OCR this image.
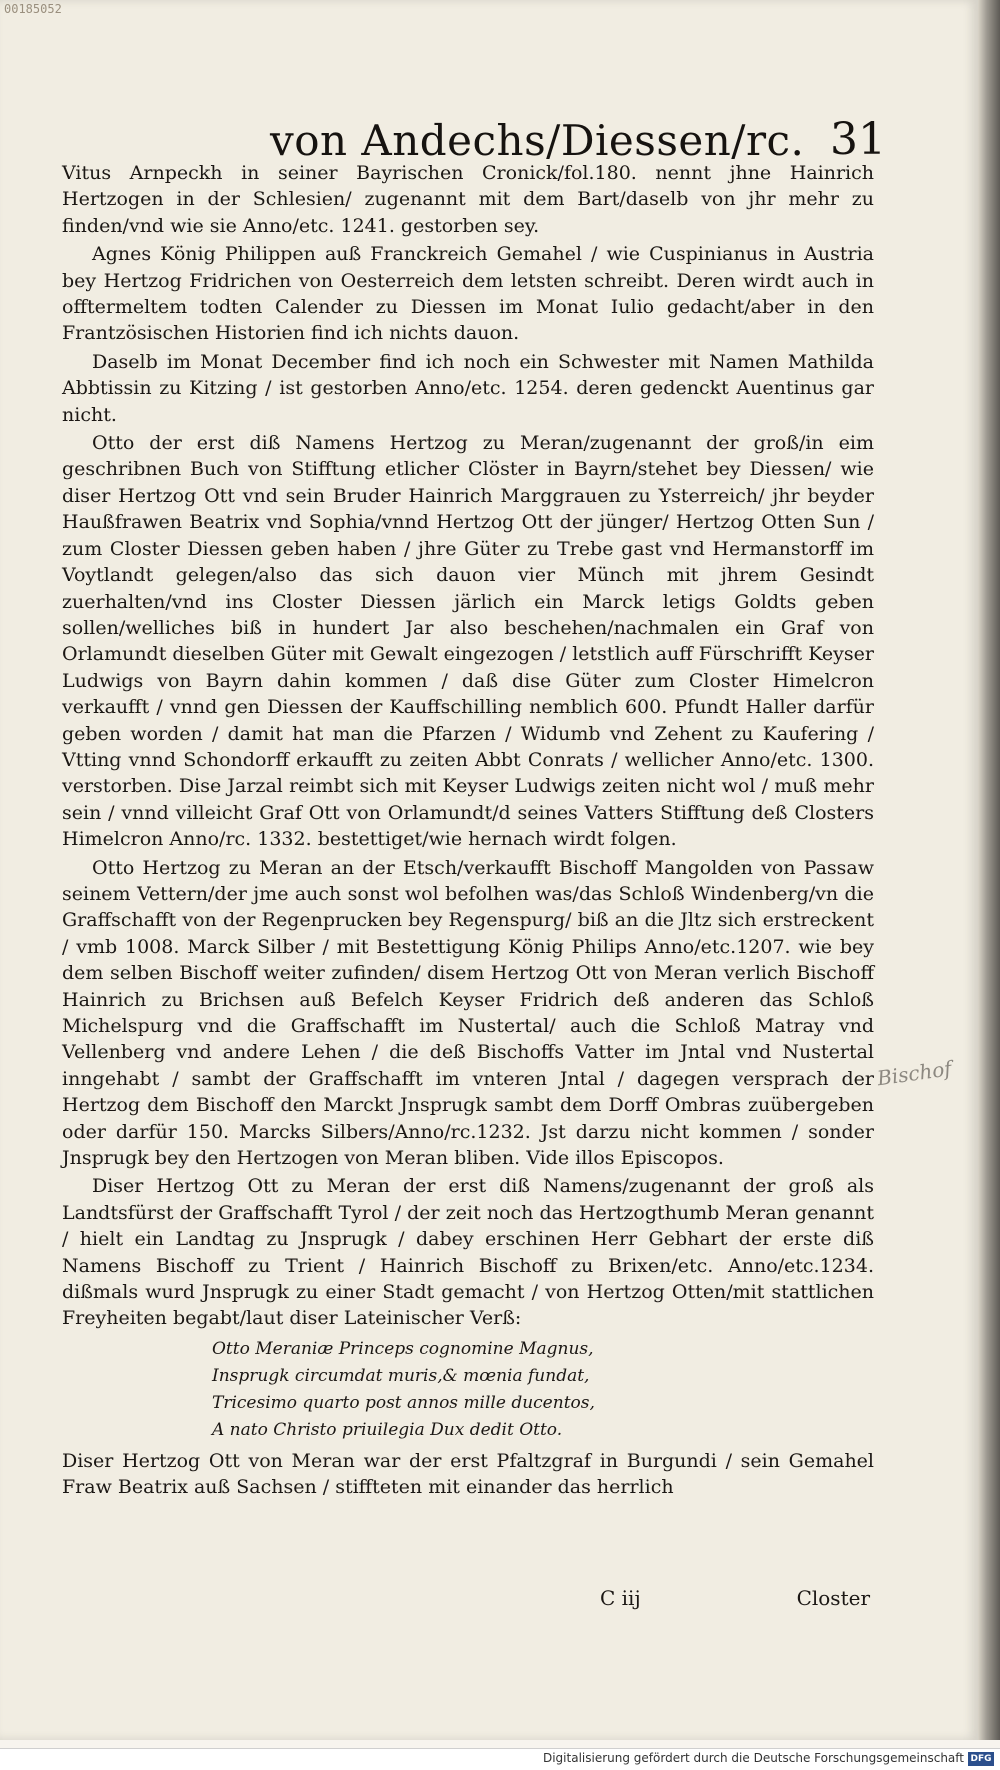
00185052
von Andechs/Diessen/rc. 31

Vitus Arnpeckh in seiner Bayrischen Cronick/fol.180. nennt jhne Hainrich Hertzogen in der Schlesien/ zugenannt mit dem Bart/daselb von jhr mehr zu finden/vnd wie sie Anno/etc. 1241. gestorben sey.

Agnes König Philippen auß Franckreich Gemahel / wie Cuspinianus in Austria bey Hertzog Fridrichen von Oesterreich dem letsten schreibt. Deren wirdt auch in offtermeltem todten Calender zu Diessen im Monat Iulio gedacht/aber in den Frantzösischen Historien find ich nichts dauon.

Daselb im Monat December find ich noch ein Schwester mit Namen Mathilda Abbtissin zu Kitzing / ist gestorben Anno/etc. 1254. deren gedenckt Auentinus gar nicht.

Otto der erst diß Namens Hertzog zu Meran/zugenannt der groß/in eim geschribnen Buch von Stifftung etlicher Clöster in Bayrn/stehet bey Diessen/ wie diser Hertzog Ott vnd sein Bruder Hainrich Marggrauen zu Ysterreich/ jhr beyder Haußfrawen Beatrix vnd Sophia/vnnd Hertzog Ott der jünger/ Hertzog Otten Sun / zum Closter Diessen geben haben / jhre Güter zu Trebe gast vnd Hermanstorff im Voytlandt gelegen/also das sich dauon vier Münch mit jhrem Gesindt zuerhalten/vnd ins Closter Diessen järlich ein Marck letigs Goldts geben sollen/welliches biß in hundert Jar also beschehen/nachmalen ein Graf von Orlamundt dieselben Güter mit Gewalt eingezogen / letstlich auff Fürschrifft Keyser Ludwigs von Bayrn dahin kommen / daß dise Güter zum Closter Himelcron verkaufft / vnnd gen Diessen der Kauffschilling nemblich 600. Pfundt Haller darfür geben worden / damit hat man die Pfarzen / Widumb vnd Zehent zu Kaufering / Vtting vnnd Schondorff erkaufft zu zeiten Abbt Conrats / wellicher Anno/etc. 1300. verstorben. Dise Jarzal reimbt sich mit Keyser Ludwigs zeiten nicht wol / muß mehr sein / vnnd villeicht Graf Ott von Orlamundt/d seines Vatters Stifftung deß Closters Himelcron Anno/rc. 1332. bestettiget/wie hernach wirdt folgen.

Otto Hertzog zu Meran an der Etsch/verkaufft Bischoff Mangolden von Passaw seinem Vettern/der jme auch sonst wol befolhen was/das Schloß Windenberg/vn die Graffschafft von der Regenprucken bey Regenspurg/ biß an die Jltz sich erstreckent / vmb 1008. Marck Silber / mit Bestettigung König Philips Anno/etc.1207. wie bey dem selben Bischoff weiter zufinden/ disem Hertzog Ott von Meran verlich Bischoff Hainrich zu Brichsen auß Befelch Keyser Fridrich deß anderen das Schloß Michelspurg vnd die Graffschafft im Nustertal/ auch die Schloß Matray vnd Vellenberg vnd andere Lehen / die deß Bischoffs Vatter im Jntal vnd Nustertal inngehabt / sambt der Graffschafft im vnteren Jntal / dagegen versprach der Hertzog dem Bischoff den Marckt Jnsprugk sambt dem Dorff Ombras zuübergeben oder darfür 150. Marcks Silbers/Anno/rc.1232. Jst darzu nicht kommen / sonder Jnsprugk bey den Hertzogen von Meran bliben. Vide illos Episcopos.

Diser Hertzog Ott zu Meran der erst diß Namens/zugenannt der groß als Landtsfürst der Graffschafft Tyrol / der zeit noch das Hertzogthumb Meran genannt / hielt ein Landtag zu Jnsprugk / dabey erschinen Herr Gebhart der erste diß Namens Bischoff zu Trient / Hainrich Bischoff zu Brixen/etc. Anno/etc.1234. dißmals wurd Jnsprugk zu einer Stadt gemacht / von Hertzog Otten/mit stattlichen Freyheiten begabt/laut diser Lateinischer Verß:

Otto Meraniæ Princeps cognomine Magnus,
Insprugk circumdat muris,& mœnia fundat,
Tricesimo quarto post annos mille ducentos,
A nato Christo priuilegia Dux dedit Otto.

Diser Hertzog Ott von Meran war der erst Pfaltzgraf in Burgundi / sein Gemahel Fraw Beatrix auß Sachsen / stiffteten mit einander das herrlich

C iij	Closter
Bischof
Digitalisierung gefördert durch die Deutsche Forschungsgemeinschaft DFG
